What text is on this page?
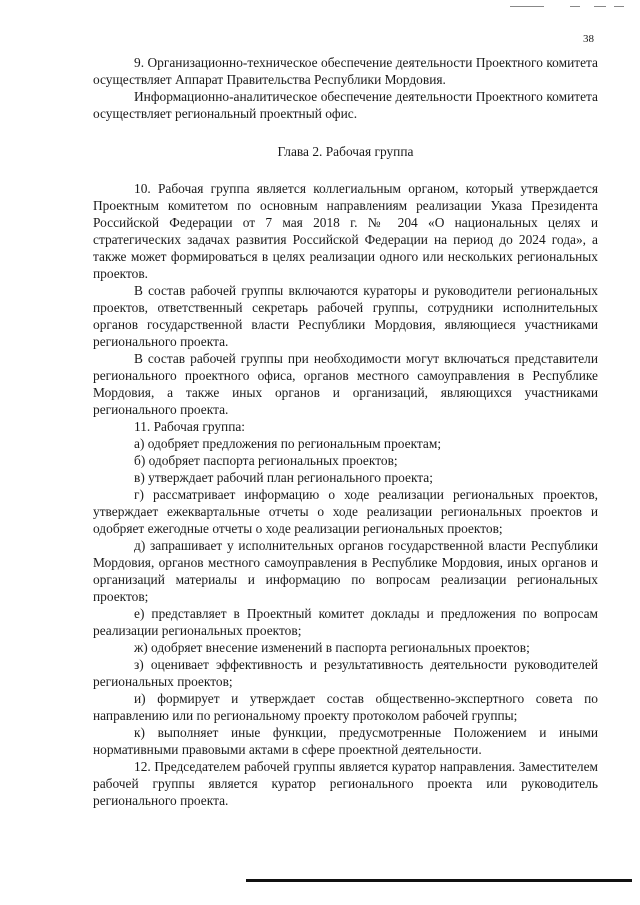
38

9. Организационно-техническое обеспечение деятельности Проектного комитета осуществляет Аппарат Правительства Республики Мордовия.

Информационно-аналитическое обеспечение деятельности Проектного комитета осуществляет региональный проектный офис.

Глава 2. Рабочая группа

10. Рабочая группа является коллегиальным органом, который утверждается Проектным комитетом по основным направлениям реализации Указа Президента Российской Федерации от 7 мая 2018 г. № 204 «О национальных целях и стратегических задачах развития Российской Федерации на период до 2024 года», а также может формироваться в целях реализации одного или нескольких региональных проектов.

В состав рабочей группы включаются кураторы и руководители региональных проектов, ответственный секретарь рабочей группы, сотрудники исполнительных органов государственной власти Республики Мордовия, являющиеся участниками регионального проекта.

В состав рабочей группы при необходимости могут включаться представители регионального проектного офиса, органов местного самоуправления в Республике Мордовия, а также иных органов и организаций, являющихся участниками регионального проекта.

11. Рабочая группа:

а) одобряет предложения по региональным проектам;

б) одобряет паспорта региональных проектов;

в) утверждает рабочий план регионального проекта;

г) рассматривает информацию о ходе реализации региональных проектов, утверждает ежеквартальные отчеты о ходе реализации региональных проектов и одобряет ежегодные отчеты о ходе реализации региональных проектов;

д) запрашивает у исполнительных органов государственной власти Республики Мордовия, органов местного самоуправления в Республике Мордовия, иных органов и организаций материалы и информацию по вопросам реализации региональных проектов;

е) представляет в Проектный комитет доклады и предложения по вопросам реализации региональных проектов;

ж) одобряет внесение изменений в паспорта региональных проектов;

з) оценивает эффективность и результативность деятельности руководителей региональных проектов;

и) формирует и утверждает состав общественно-экспертного совета по направлению или по региональному проекту протоколом рабочей группы;

к) выполняет иные функции, предусмотренные Положением и иными нормативными правовыми актами в сфере проектной деятельности.

12. Председателем рабочей группы является куратор направления. Заместителем рабочей группы является куратор регионального проекта или руководитель регионального проекта.
